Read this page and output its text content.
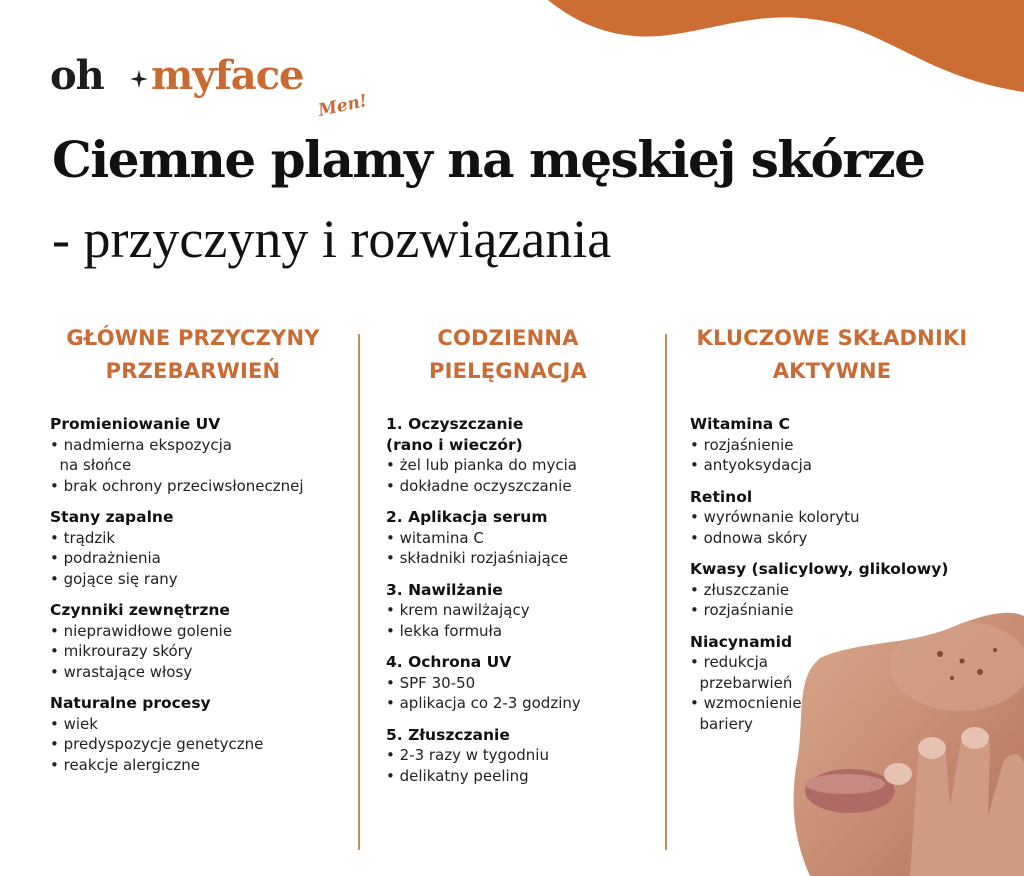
oh myface
Men!
Ciemne plamy na męskiej skórze
- przyczyny i rozwiązania
GŁÓWNE PRZYCZYNY
PRZEBARWIEŃ
Promieniowanie UV
• nadmierna ekspozycja
na słońce
• brak ochrony przeciwsłonecznej
Stany zapalne
• trądzik
• podrażnienia
• gojące się rany
Czynniki zewnętrzne
• nieprawidłowe golenie
• mikrourazy skóry
• wrastające włosy
Naturalne procesy
• wiek
• predyspozycje genetyczne
• reakcje alergiczne
CODZIENNA
PIELĘGNACJA
1. Oczyszczanie
(rano i wieczór)
• żel lub pianka do mycia
• dokładne oczyszczanie
2. Aplikacja serum
• witamina C
• składniki rozjaśniające
3. Nawilżanie
• krem nawilżający
• lekka formuła
4. Ochrona UV
• SPF 30-50
• aplikacja co 2-3 godziny
5. Złuszczanie
• 2-3 razy w tygodniu
• delikatny peeling
KLUCZOWE SKŁADNIKI
AKTYWNE
Witamina C
• rozjaśnienie
• antyoksydacja
Retinol
• wyrównanie kolorytu
• odnowa skóry
Kwasy (salicylowy, glikolowy)
• złuszczanie
• rozjaśnianie
Niacynamid
• redukcja
przebarwień
• wzmocnienie
bariery
